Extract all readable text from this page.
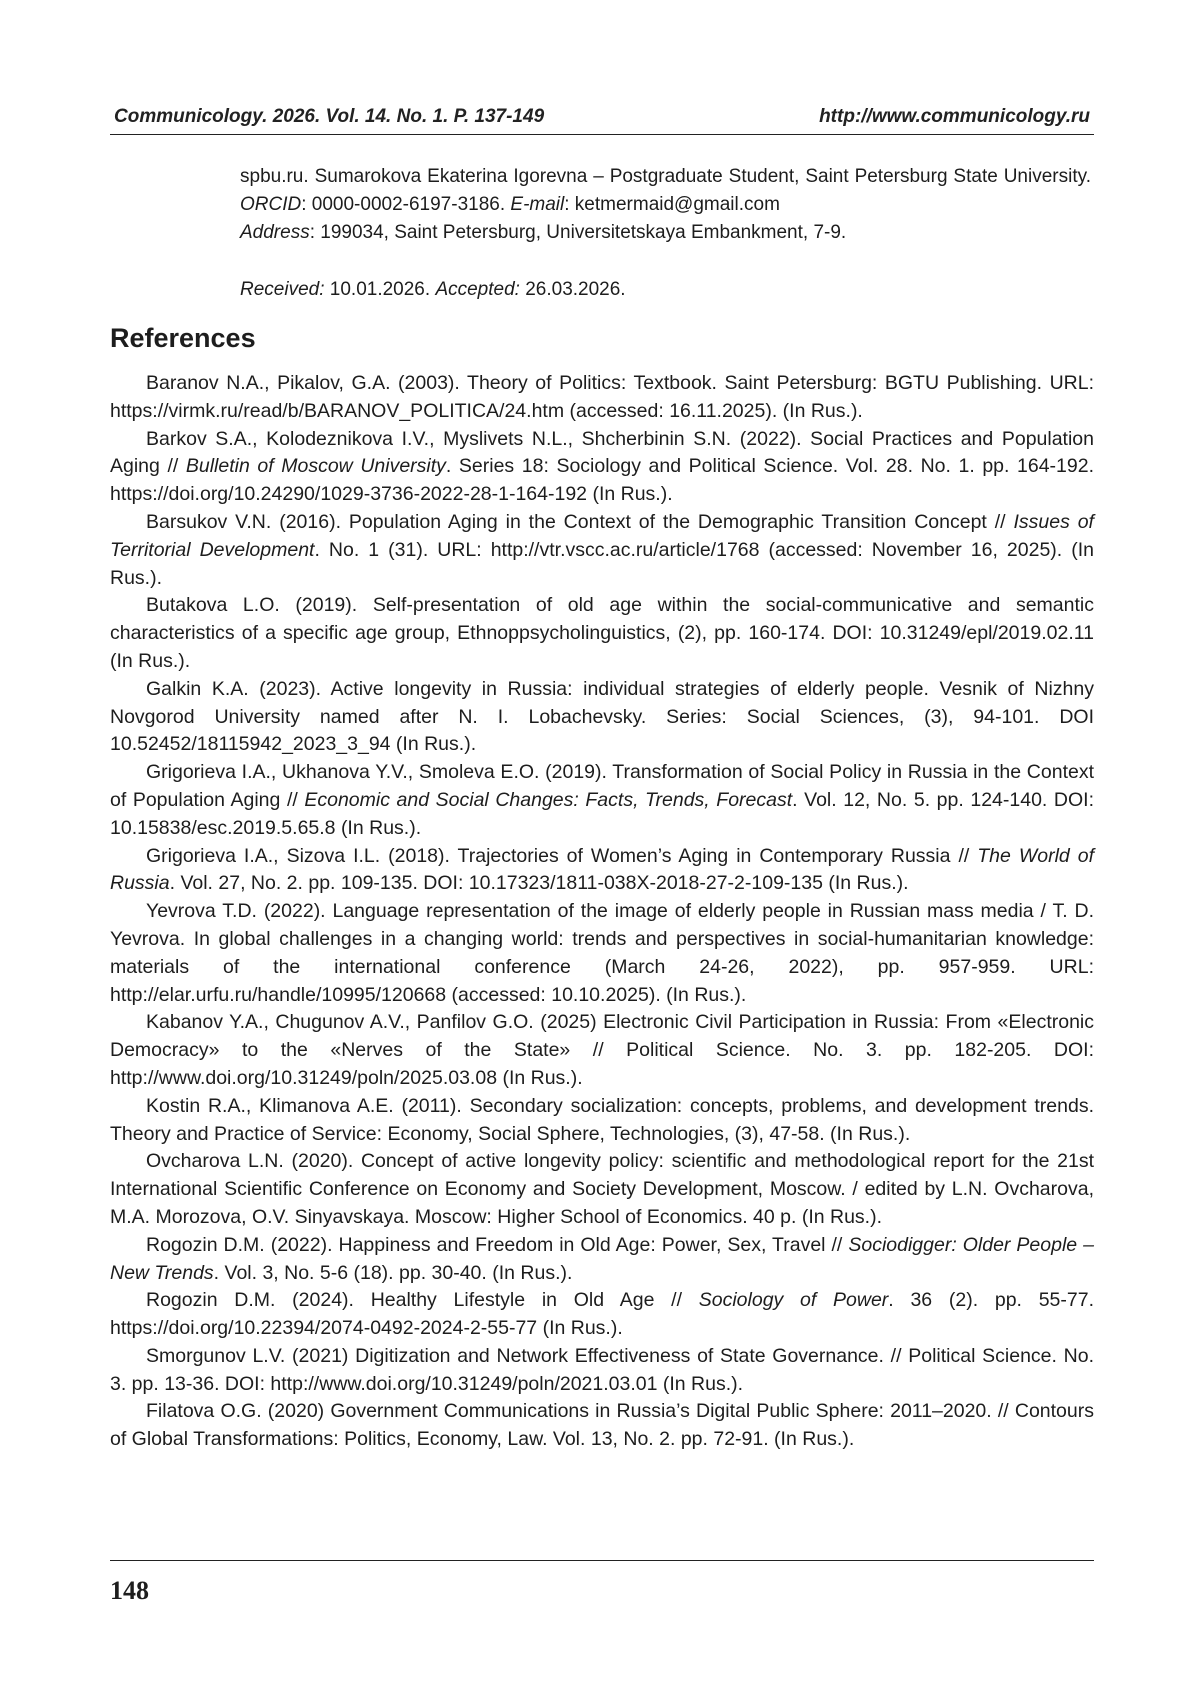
Communicology. 2026. Vol. 14. No. 1. P. 137-149	http://www.communicology.ru
spbu.ru. Sumarokova Ekaterina Igorevna – Postgraduate Student, Saint Petersburg State University. ORCID: 0000-0002-6197-3186. E-mail: ketmermaid@gmail.com
Address: 199034, Saint Petersburg, Universitetskaya Embankment, 7-9.
Received: 10.01.2026. Accepted: 26.03.2026.
References
Baranov N.A., Pikalov, G.A. (2003). Theory of Politics: Textbook. Saint Petersburg: BGTU Publishing. URL: https://virmk.ru/read/b/BARANOV_POLITICA/24.htm (accessed: 16.11.2025). (In Rus.).
Barkov S.A., Kolodeznikova I.V., Myslivets N.L., Shcherbinin S.N. (2022). Social Practices and Population Aging // Bulletin of Moscow University. Series 18: Sociology and Political Science. Vol. 28. No. 1. pp. 164-192. https://doi.org/10.24290/1029-3736-2022-28-1-164-192 (In Rus.).
Barsukov V.N. (2016). Population Aging in the Context of the Demographic Transition Concept // Issues of Territorial Development. No. 1 (31). URL: http://vtr.vscc.ac.ru/article/1768 (accessed: November 16, 2025). (In Rus.).
Butakova L.O. (2019). Self-presentation of old age within the social-communicative and semantic characteristics of a specific age group, Ethnoppsycholinguistics, (2), pp. 160-174. DOI: 10.31249/epl/2019.02.11 (In Rus.).
Galkin K.A. (2023). Active longevity in Russia: individual strategies of elderly people. Vesnik of Nizhny Novgorod University named after N. I. Lobachevsky. Series: Social Sciences, (3), 94-101. DOI 10.52452/18115942_2023_3_94 (In Rus.).
Grigorieva I.A., Ukhanova Y.V., Smoleva E.O. (2019). Transformation of Social Policy in Russia in the Context of Population Aging // Economic and Social Changes: Facts, Trends, Forecast. Vol. 12, No. 5. pp. 124-140. DOI: 10.15838/esc.2019.5.65.8 (In Rus.).
Grigorieva I.A., Sizova I.L. (2018). Trajectories of Women’s Aging in Contemporary Russia // The World of Russia. Vol. 27, No. 2. pp. 109-135. DOI: 10.17323/1811-038X-2018-27-2-109-135 (In Rus.).
Yevrova T.D. (2022). Language representation of the image of elderly people in Russian mass media / T. D. Yevrova. In global challenges in a changing world: trends and perspectives in social-humanitarian knowledge: materials of the international conference (March 24-26, 2022), pp. 957-959. URL: http://elar.urfu.ru/handle/10995/120668 (accessed: 10.10.2025). (In Rus.).
Kabanov Y.A., Chugunov A.V., Panfilov G.O. (2025) Electronic Civil Participation in Russia: From «Electronic Democracy» to the «Nerves of the State» // Political Science. No. 3. pp. 182-205. DOI: http://www.doi.org/10.31249/poln/2025.03.08 (In Rus.).
Kostin R.A., Klimanova A.E. (2011). Secondary socialization: concepts, problems, and development trends. Theory and Practice of Service: Economy, Social Sphere, Technologies, (3), 47-58. (In Rus.).
Ovcharova L.N. (2020). Concept of active longevity policy: scientific and methodological report for the 21st International Scientific Conference on Economy and Society Development, Moscow. / edited by L.N. Ovcharova, M.A. Morozova, O.V. Sinyavskaya. Moscow: Higher School of Economics. 40 p. (In Rus.).
Rogozin D.M. (2022). Happiness and Freedom in Old Age: Power, Sex, Travel // Sociodigger: Older People – New Trends. Vol. 3, No. 5-6 (18). pp. 30-40. (In Rus.).
Rogozin D.M. (2024). Healthy Lifestyle in Old Age // Sociology of Power. 36 (2). pp. 55-77. https://doi.org/10.22394/2074-0492-2024-2-55-77 (In Rus.).
Smorgunov L.V. (2021) Digitization and Network Effectiveness of State Governance. // Political Science. No. 3. pp. 13-36. DOI: http://www.doi.org/10.31249/poln/2021.03.01 (In Rus.).
Filatova O.G. (2020) Government Communications in Russia’s Digital Public Sphere: 2011–2020. // Contours of Global Transformations: Politics, Economy, Law. Vol. 13, No. 2. pp. 72-91. (In Rus.).
148
